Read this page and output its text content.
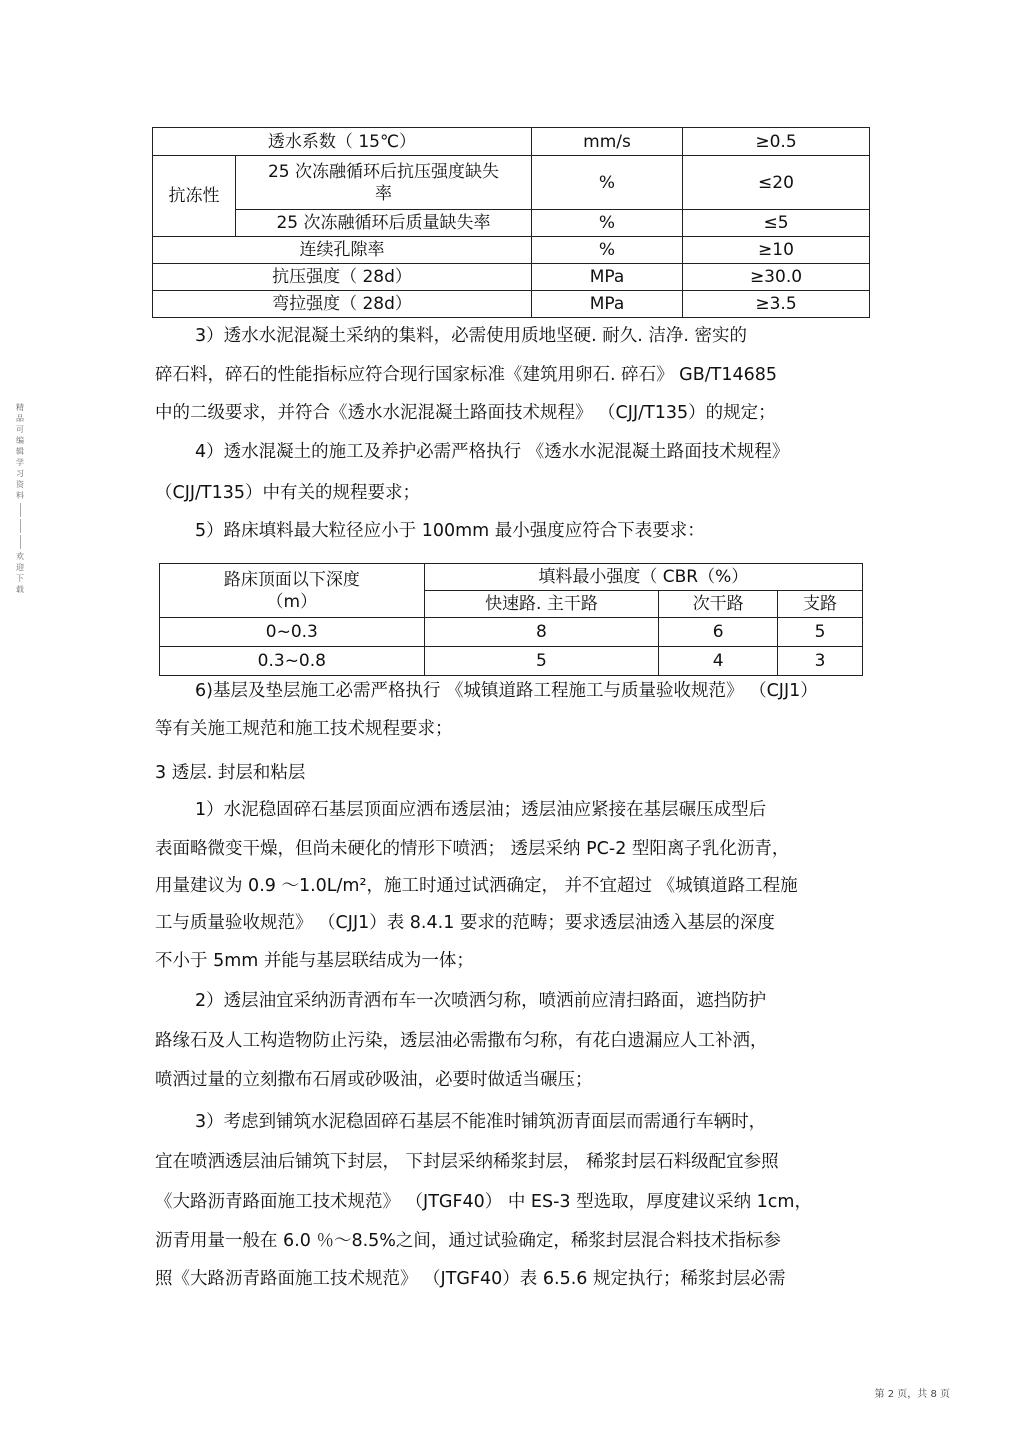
透水系数（ 15℃）		mm/s	≥0.5
抗冻性	25 次冻融循环后抗压强度缺失率	%	≤20
	25 次冻融循环后质量缺失率	%	≤5
连续孔隙率		%	≥10
抗压强度（ 28d）		MPa	≥30.0
弯拉强度（ 28d）		MPa	≥3.5
3）透水水泥混凝土采纳的集料，必需使用质地坚硬. 耐久. 洁净. 密实的
碎石料，碎石的性能指标应符合现行国家标准《建筑用卵石. 碎石》 GB/T14685
中的二级要求，并符合《透水水泥混凝土路面技术规程》 （CJJ/T135）的规定；
4）透水混凝土的施工及养护必需严格执行 《透水水泥混凝土路面技术规程》
（CJJ/T135）中有关的规程要求；
5）路床填料最大粒径应小于 100mm 最小强度应符合下表要求：
路床顶面以下深度
（m）	填料最小强度（ CBR（%）		
	快速路. 主干路	次干路	支路
0~0.3	8	6	5
0.3~0.8	5	4	3
6)基层及垫层施工必需严格执行 《城镇道路工程施工与质量验收规范》 （CJJ1）
等有关施工规范和施工技术规程要求；
3 透层. 封层和粘层
1）水泥稳固碎石基层顶面应洒布透层油；透层油应紧接在基层碾压成型后
表面略微变干燥，但尚未硬化的情形下喷洒； 透层采纳 PC-2 型阳离子乳化沥青，
用量建议为 0.9 ～1.0L/m²，施工时通过试洒确定， 并不宜超过 《城镇道路工程施
工与质量验收规范》 （CJJ1）表 8.4.1 要求的范畴；要求透层油透入基层的深度
不小于 5mm 并能与基层联结成为一体；
2）透层油宜采纳沥青洒布车一次喷洒匀称，喷洒前应清扫路面，遮挡防护
路缘石及人工构造物防止污染，透层油必需撒布匀称，有花白遗漏应人工补洒，
喷洒过量的立刻撒布石屑或砂吸油，必要时做适当碾压；
3）考虑到铺筑水泥稳固碎石基层不能准时铺筑沥青面层而需通行车辆时，
宜在喷洒透层油后铺筑下封层， 下封层采纳稀浆封层， 稀浆封层石料级配宜参照
《大路沥青路面施工技术规范》 （JTGF40） 中 ES-3 型选取，厚度建议采纳 1cm，
沥青用量一般在 6.0 ％～8.5%之间，通过试验确定，稀浆封层混合料技术指标参
照《大路沥青路面施工技术规范》 （JTGF40）表 6.5.6 规定执行；稀浆封层必需
精品可编辑学习资料
欢迎下载
第 2 页，共 8 页
